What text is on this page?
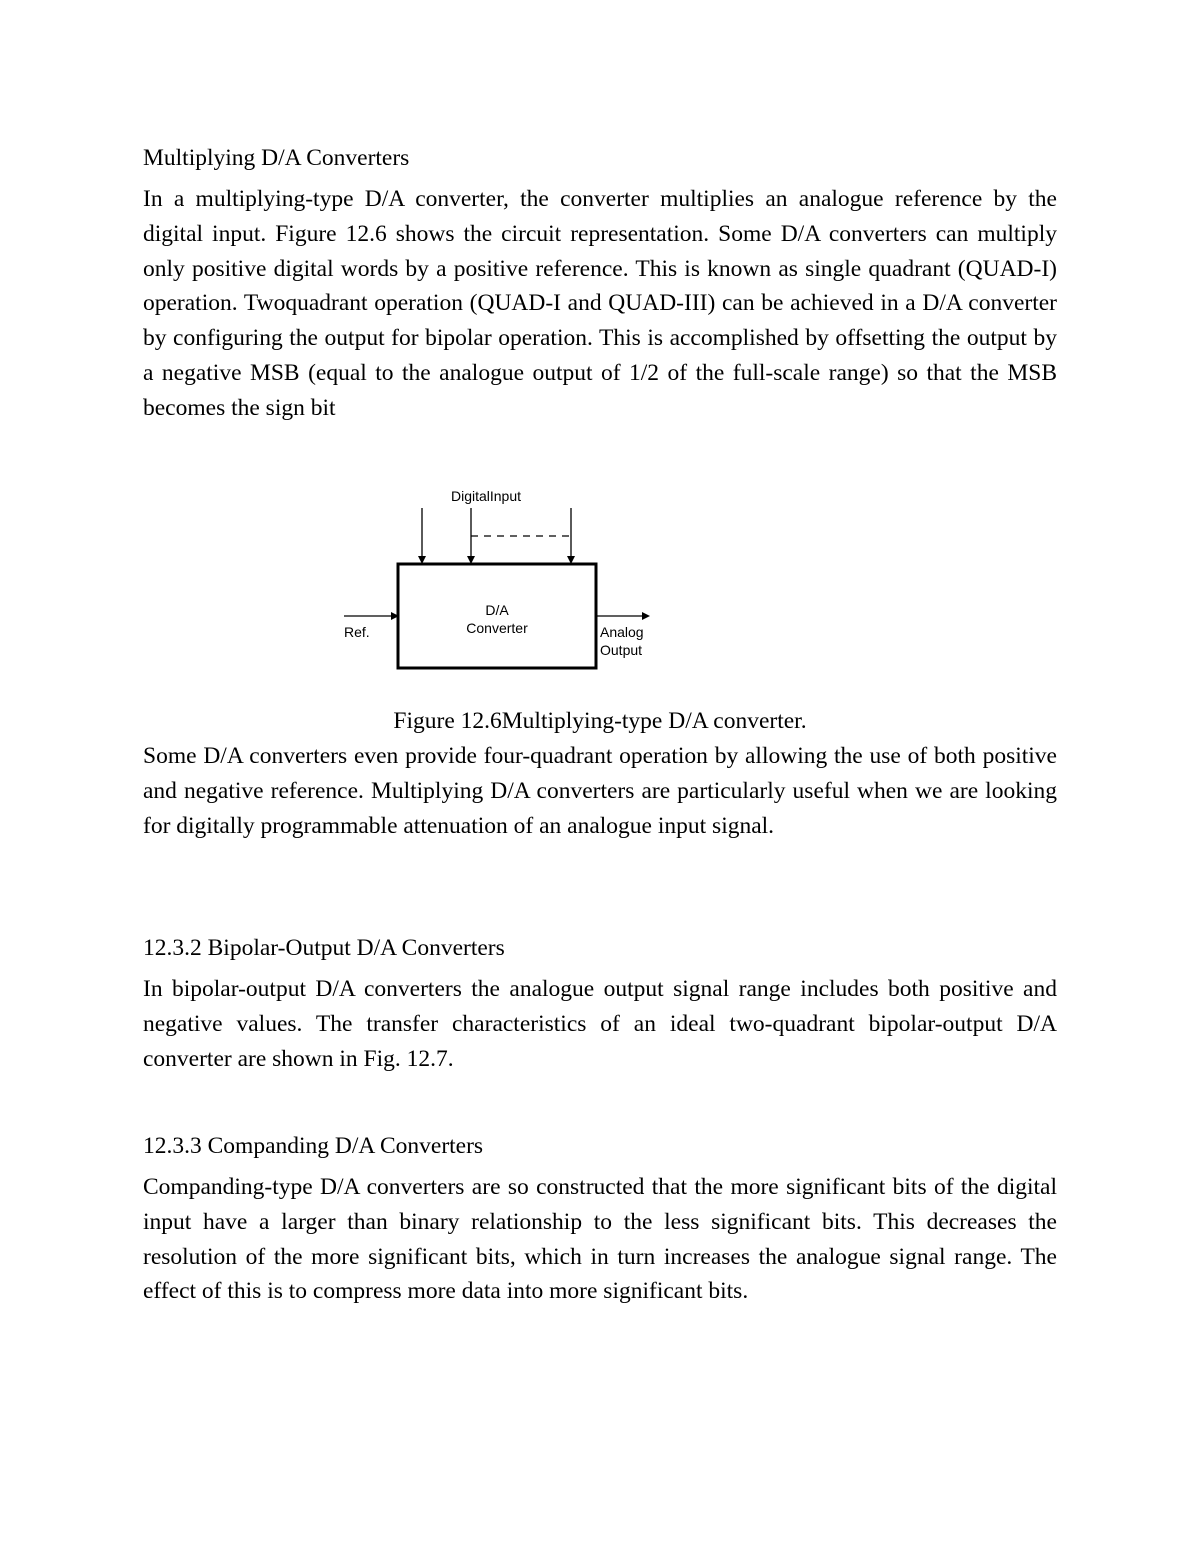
Multiplying D/A Converters

In a multiplying-type D/A converter, the converter multiplies an analogue reference by the digital input. Figure 12.6 shows the circuit representation. Some D/A converters can multiply only positive digital words by a positive reference. This is known as single quadrant (QUAD-I) operation. Twoquadrant operation (QUAD-I and QUAD-III) can be achieved in a D/A converter by configuring the output for bipolar operation. This is accomplished by offsetting the output by a negative MSB (equal to the analogue output of 1/2 of the full-scale range) so that the MSB becomes the sign bit

DigitalInput
D/A
Converter
Ref.	Analog
Output

Figure 12.6Multiplying-type D/A converter.

Some D/A converters even provide four-quadrant operation by allowing the use of both positive and negative reference. Multiplying D/A converters are particularly useful when we are looking for digitally programmable attenuation of an analogue input signal.

12.3.2 Bipolar-Output D/A Converters

In bipolar-output D/A converters the analogue output signal range includes both positive and negative values. The transfer characteristics of an ideal two-quadrant bipolar-output D/A converter are shown in Fig. 12.7.

12.3.3 Companding D/A Converters

Companding-type D/A converters are so constructed that the more significant bits of the digital input have a larger than binary relationship to the less significant bits. This decreases the resolution of the more significant bits, which in turn increases the analogue signal range. The effect of this is to compress more data into more significant bits.
